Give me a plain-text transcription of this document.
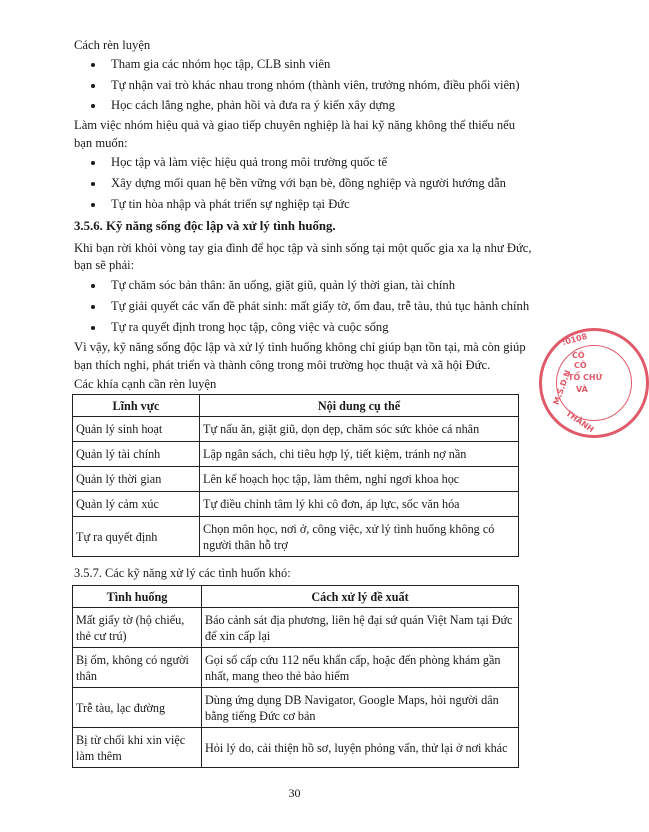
Cách rèn luyện
Tham gia các nhóm học tập, CLB sinh viên
Tự nhận vai trò khác nhau trong nhóm (thành viên, trưởng nhóm, điều phối viên)
Học cách lắng nghe, phản hồi và đưa ra ý kiến xây dựng
Làm việc nhóm hiệu quả và giao tiếp chuyên nghiệp là hai kỹ năng không thể thiếu nếu
bạn muốn:
Học tập và làm việc hiệu quả trong môi trường quốc tế
Xây dựng mối quan hệ bền vững với bạn bè, đồng nghiệp và người hướng dẫn
Tự tin hòa nhập và phát triển sự nghiệp tại Đức
3.5.6. Kỹ năng sống độc lập và xử lý tình huống.
Khi bạn rời khỏi vòng tay gia đình để học tập và sinh sống tại một quốc gia xa lạ như Đức,
bạn sẽ phải:
Tự chăm sóc bản thân: ăn uống, giặt giũ, quản lý thời gian, tài chính
Tự giải quyết các vấn đề phát sinh: mất giấy tờ, ốm đau, trễ tàu, thủ tục hành chính
Tự ra quyết định trong học tập, công việc và cuộc sống
Vì vậy, kỹ năng sống độc lập và xử lý tình huống không chỉ giúp bạn tồn tại, mà còn giúp
bạn thích nghi, phát triển và thành công trong môi trường học thuật và xã hội Đức.
Các khía cạnh cần rèn luyện
Lĩnh vực	Nội dung cụ thể
Quản lý sinh hoạt	Tự nấu ăn, giặt giũ, dọn dẹp, chăm sóc sức khỏe cá nhân
Quản lý tài chính	Lập ngân sách, chi tiêu hợp lý, tiết kiệm, tránh nợ nần
Quản lý thời gian	Lên kế hoạch học tập, làm thêm, nghỉ ngơi khoa học
Quản lý cảm xúc	Tự điều chỉnh tâm lý khi cô đơn, áp lực, sốc văn hóa
Tự ra quyết định	Chọn môn học, nơi ở, công việc, xử lý tình huống không có người thân hỗ trợ
3.5.7. Các kỹ năng xử lý các tình huốn khó:
Tình huống	Cách xử lý đề xuất
Mất giấy tờ (hộ chiếu, thẻ cư trú)	Báo cảnh sát địa phương, liên hệ đại sứ quán Việt Nam tại Đức để xin cấp lại
Bị ốm, không có người thân	Gọi số cấp cứu 112 nếu khẩn cấp, hoặc đến phòng khám gần nhất, mang theo thẻ bảo hiểm
Trễ tàu, lạc đường	Dùng ứng dụng DB Navigator, Google Maps, hỏi người dân bằng tiếng Đức cơ bản
Bị từ chối khi xin việc làm thêm	Hỏi lý do, cải thiện hồ sơ, luyện phỏng vấn, thử lại ở nơi khác
30
M.S.D.N
:0108
CÔ
CÔ
TỔ CHỨ
VÀ
THÀNH
